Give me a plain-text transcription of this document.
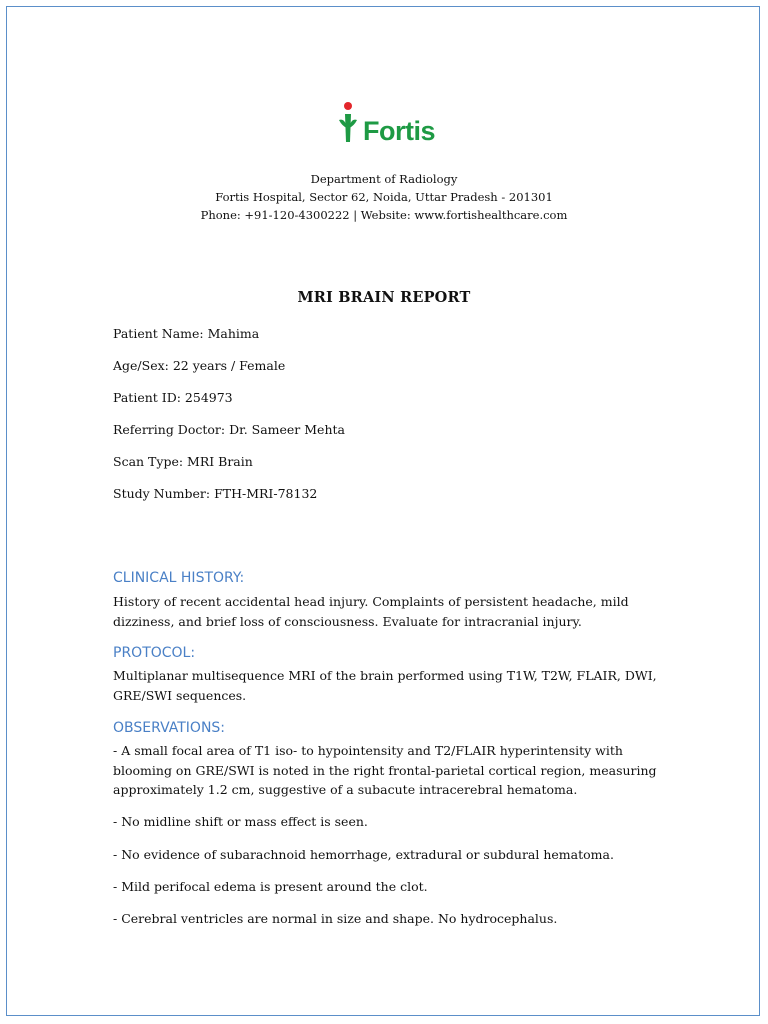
Fortis
Department of Radiology
Fortis Hospital, Sector 62, Noida, Uttar Pradesh - 201301
Phone: +91-120-4300222 | Website: www.fortishealthcare.com
MRI BRAIN REPORT
Patient Name: Mahima
Age/Sex: 22 years / Female
Patient ID: 254973
Referring Doctor: Dr. Sameer Mehta
Scan Type: MRI Brain
Study Number: FTH-MRI-78132
CLINICAL HISTORY:
History of recent accidental head injury. Complaints of persistent headache, mild dizziness, and brief loss of consciousness. Evaluate for intracranial injury.
PROTOCOL:
Multiplanar multisequence MRI of the brain performed using T1W, T2W, FLAIR, DWI, GRE/SWI sequences.
OBSERVATIONS:
- A small focal area of T1 iso- to hypointensity and T2/FLAIR hyperintensity with blooming on GRE/SWI is noted in the right frontal-parietal cortical region, measuring approximately 1.2 cm, suggestive of a subacute intracerebral hematoma.
- No midline shift or mass effect is seen.
- No evidence of subarachnoid hemorrhage, extradural or subdural hematoma.
- Mild perifocal edema is present around the clot.
- Cerebral ventricles are normal in size and shape. No hydrocephalus.
